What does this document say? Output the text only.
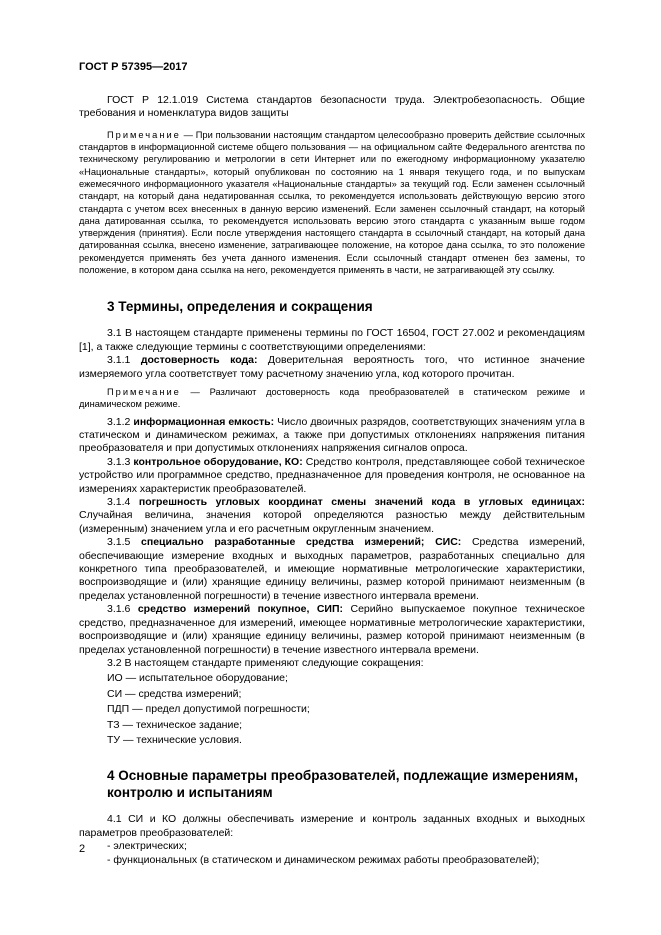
ГОСТ Р 57395—2017

ГОСТ Р 12.1.019 Система стандартов безопасности труда. Электробезопасность. Общие требования и номенклатура видов защиты

Примечание — При пользовании настоящим стандартом целесообразно проверить действие ссылочных стандартов в информационной системе общего пользования — на официальном сайте Федерального агентства по техническому регулированию и метрологии в сети Интернет или по ежегодному информационному указателю «Национальные стандарты», который опубликован по состоянию на 1 января текущего года, и по выпускам ежемесячного информационного указателя «Национальные стандарты» за текущий год. Если заменен ссылочный стандарт, на который дана недатированная ссылка, то рекомендуется использовать действующую версию этого стандарта с учетом всех внесенных в данную версию изменений. Если заменен ссылочный стандарт, на который дана датированная ссылка, то рекомендуется использовать версию этого стандарта с указанным выше годом утверждения (принятия). Если после утверждения настоящего стандарта в ссылочный стандарт, на который дана датированная ссылка, внесено изменение, затрагивающее положение, на которое дана ссылка, то это положение рекомендуется применять без учета данного изменения. Если ссылочный стандарт отменен без замены, то положение, в котором дана ссылка на него, рекомендуется применять в части, не затрагивающей эту ссылку.

3 Термины, определения и сокращения

3.1 В настоящем стандарте применены термины по ГОСТ 16504, ГОСТ 27.002 и рекомендациям [1], а также следующие термины с соответствующими определениями:

3.1.1 достоверность кода: Доверительная вероятность того, что истинное значение измеряемого угла соответствует тому расчетному значению угла, код которого прочитан.

Примечание — Различают достоверность кода преобразователей в статическом режиме и динамическом режиме.

3.1.2 информационная емкость: Число двоичных разрядов, соответствующих значениям угла в статическом и динамическом режимах, а также при допустимых отклонениях напряжения питания преобразователя и при допустимых отклонениях напряжения сигналов опроса.

3.1.3 контрольное оборудование, КО: Средство контроля, представляющее собой техническое устройство или программное средство, предназначенное для проведения контроля, не основанное на измерениях характеристик преобразователей.

3.1.4 погрешность угловых координат смены значений кода в угловых единицах: Случайная величина, значения которой определяются разностью между действительным (измеренным) значением угла и его расчетным округленным значением.

3.1.5 специально разработанные средства измерений; СИС: Средства измерений, обеспечивающие измерение входных и выходных параметров, разработанных специально для конкретного типа преобразователей, и имеющие нормативные метрологические характеристики, воспроизводящие и (или) хранящие единицу величины, размер которой принимают неизменным (в пределах установленной погрешности) в течение известного интервала времени.

3.1.6 средство измерений покупное, СИП: Серийно выпускаемое покупное техническое средство, предназначенное для измерений, имеющее нормативные метрологические характеристики, воспроизводящие и (или) хранящие единицу величины, размер которой принимают неизменным (в пределах установленной погрешности) в течение известного интервала времени.

3.2 В настоящем стандарте применяют следующие сокращения:

ИО — испытательное оборудование;

СИ — средства измерений;

ПДП — предел допустимой погрешности;

ТЗ — техническое задание;

ТУ — технические условия.

4 Основные параметры преобразователей, подлежащие измерениям, контролю и испытаниям

4.1 СИ и КО должны обеспечивать измерение и контроль заданных входных и выходных параметров преобразователей:

- электрических;

- функциональных (в статическом и динамическом режимах работы преобразователей);

2
